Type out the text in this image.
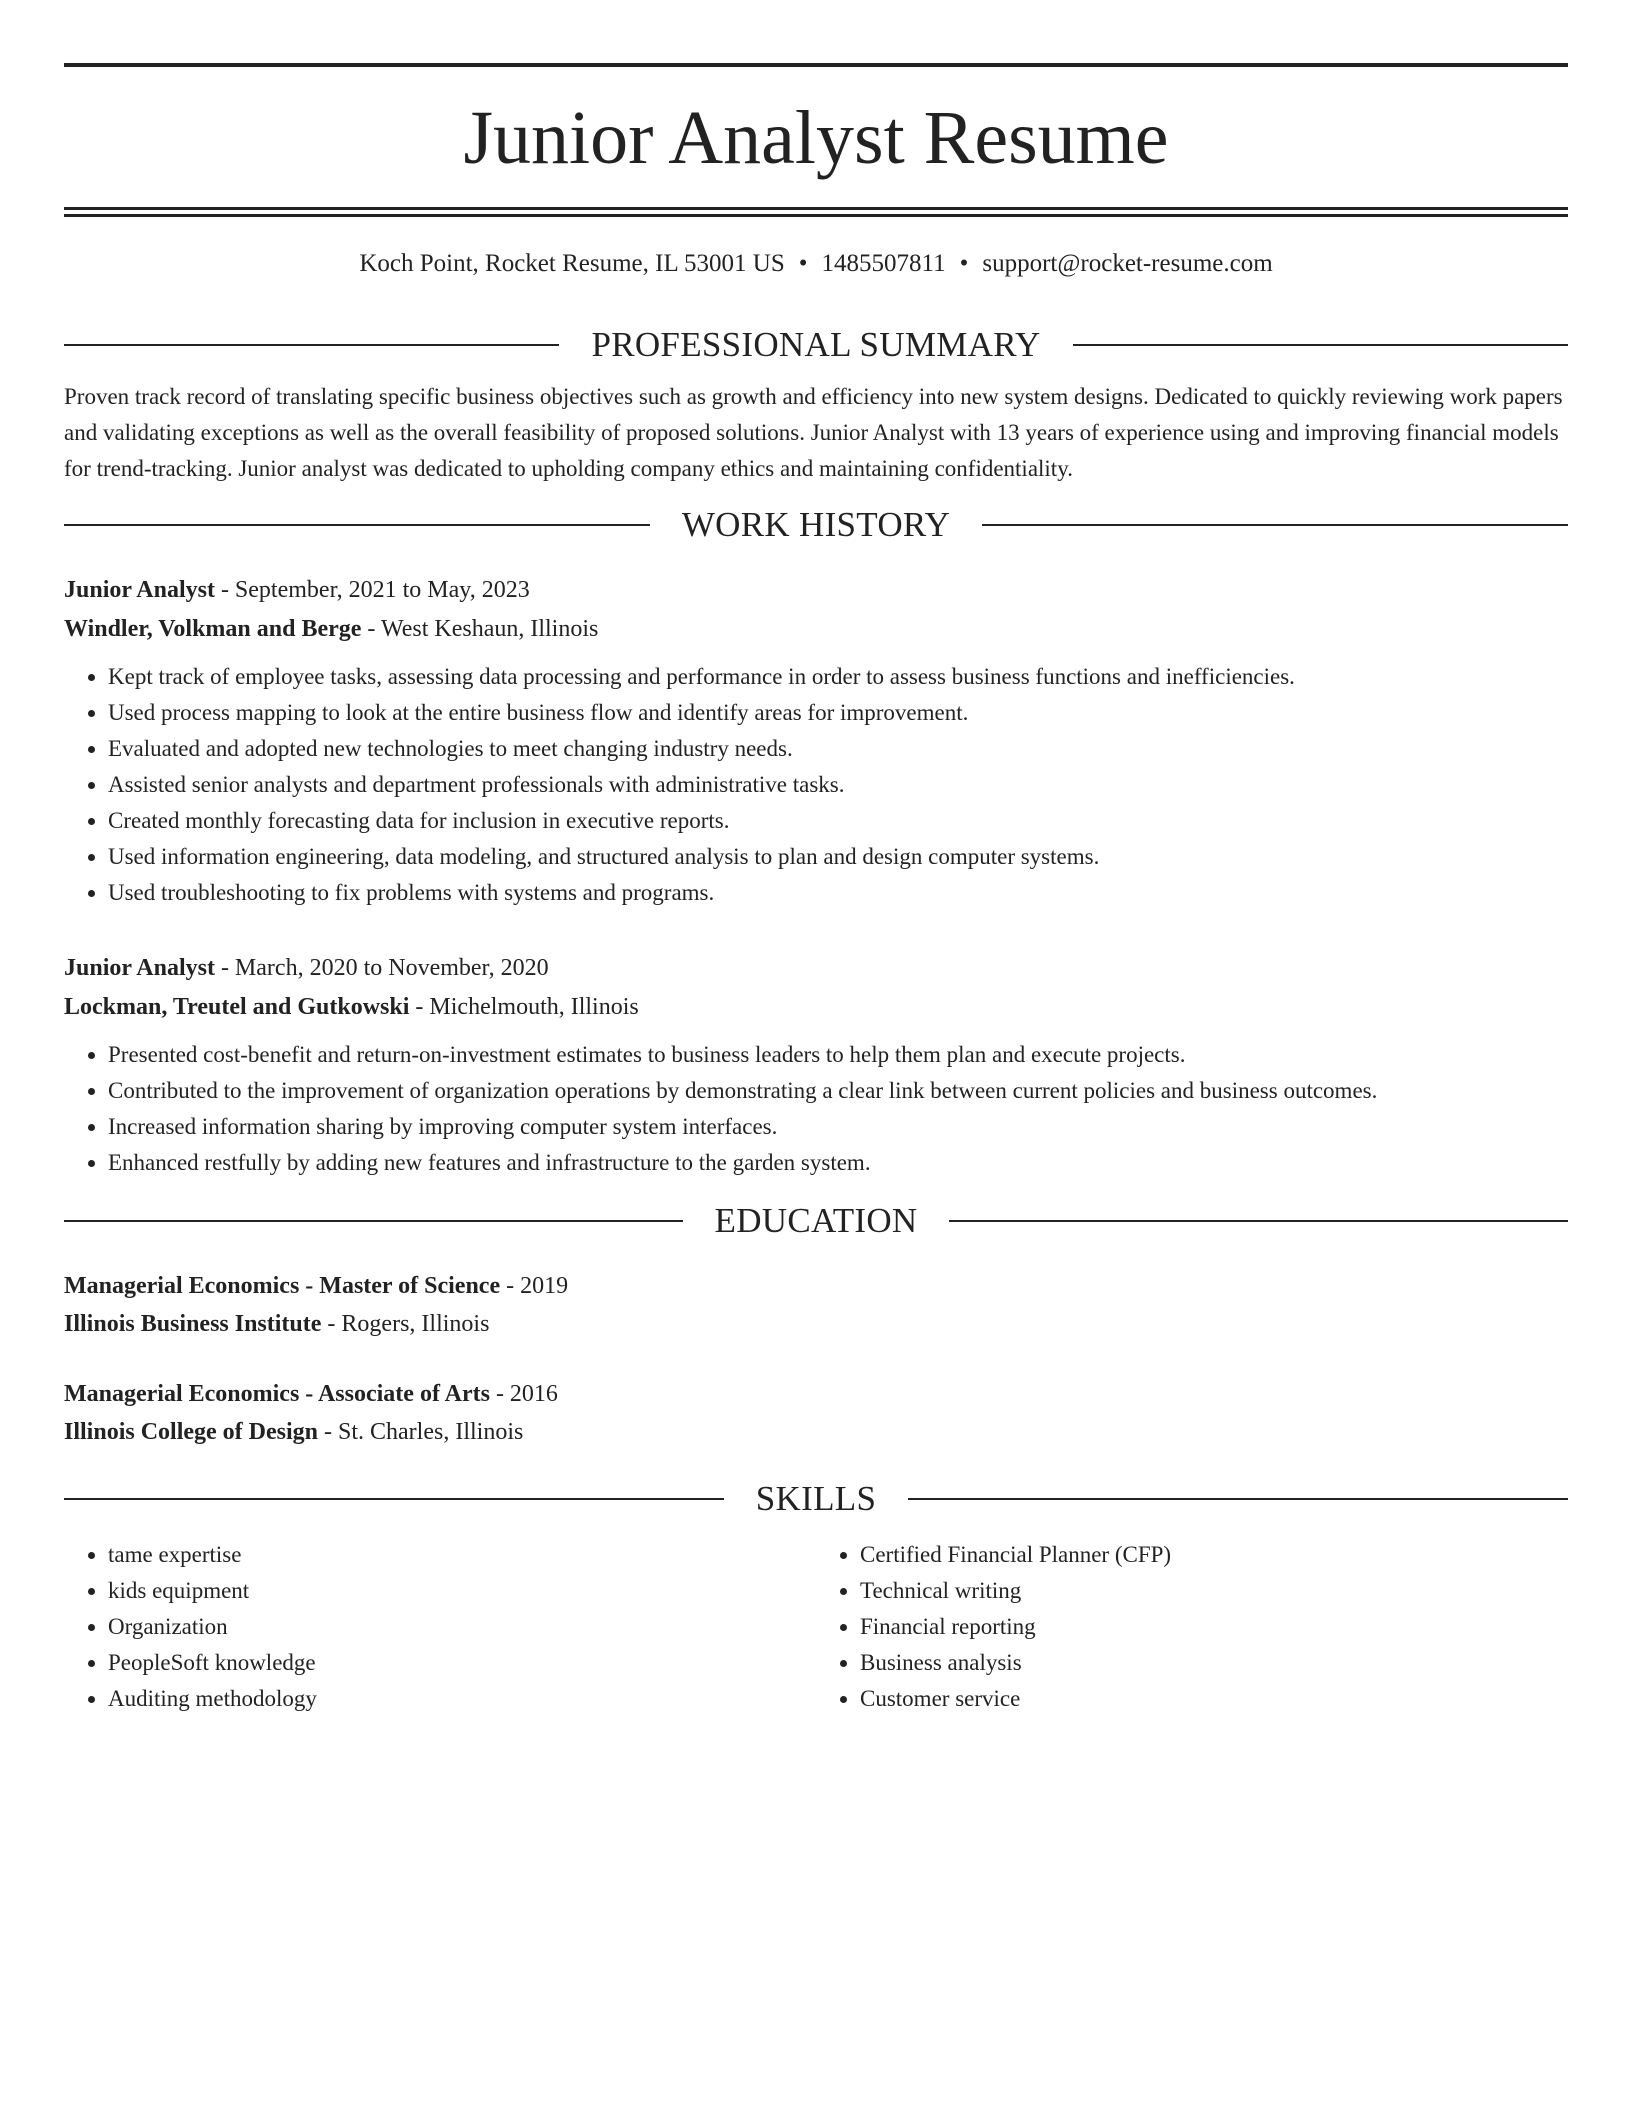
Junior Analyst Resume
Koch Point, Rocket Resume, IL 53001 US • 1485507811 • support@rocket-resume.com
PROFESSIONAL SUMMARY

Proven track record of translating specific business objectives such as growth and efficiency into new system designs. Dedicated to quickly reviewing work papers and validating exceptions as well as the overall feasibility of proposed solutions. Junior Analyst with 13 years of experience using and improving financial models for trend-tracking. Junior analyst was dedicated to upholding company ethics and maintaining confidentiality.

WORK HISTORY
Junior Analyst - September, 2021 to May, 2023
Windler, Volkman and Berge - West Keshaun, Illinois
• Kept track of employee tasks, assessing data processing and performance in order to assess business functions and inefficiencies.
• Used process mapping to look at the entire business flow and identify areas for improvement.
• Evaluated and adopted new technologies to meet changing industry needs.
• Assisted senior analysts and department professionals with administrative tasks.
• Created monthly forecasting data for inclusion in executive reports.
• Used information engineering, data modeling, and structured analysis to plan and design computer systems.
• Used troubleshooting to fix problems with systems and programs.
Junior Analyst - March, 2020 to November, 2020
Lockman, Treutel and Gutkowski - Michelmouth, Illinois
• Presented cost-benefit and return-on-investment estimates to business leaders to help them plan and execute projects.
• Contributed to the improvement of organization operations by demonstrating a clear link between current policies and business outcomes.
• Increased information sharing by improving computer system interfaces.
• Enhanced restfully by adding new features and infrastructure to the garden system.
EDUCATION
Managerial Economics - Master of Science - 2019
Illinois Business Institute - Rogers, Illinois
Managerial Economics - Associate of Arts - 2016
Illinois College of Design - St. Charles, Illinois
SKILLS
• tame expertise
• kids equipment
• Organization
• PeopleSoft knowledge
• Auditing methodology
• Certified Financial Planner (CFP)
• Technical writing
• Financial reporting
• Business analysis
• Customer service
